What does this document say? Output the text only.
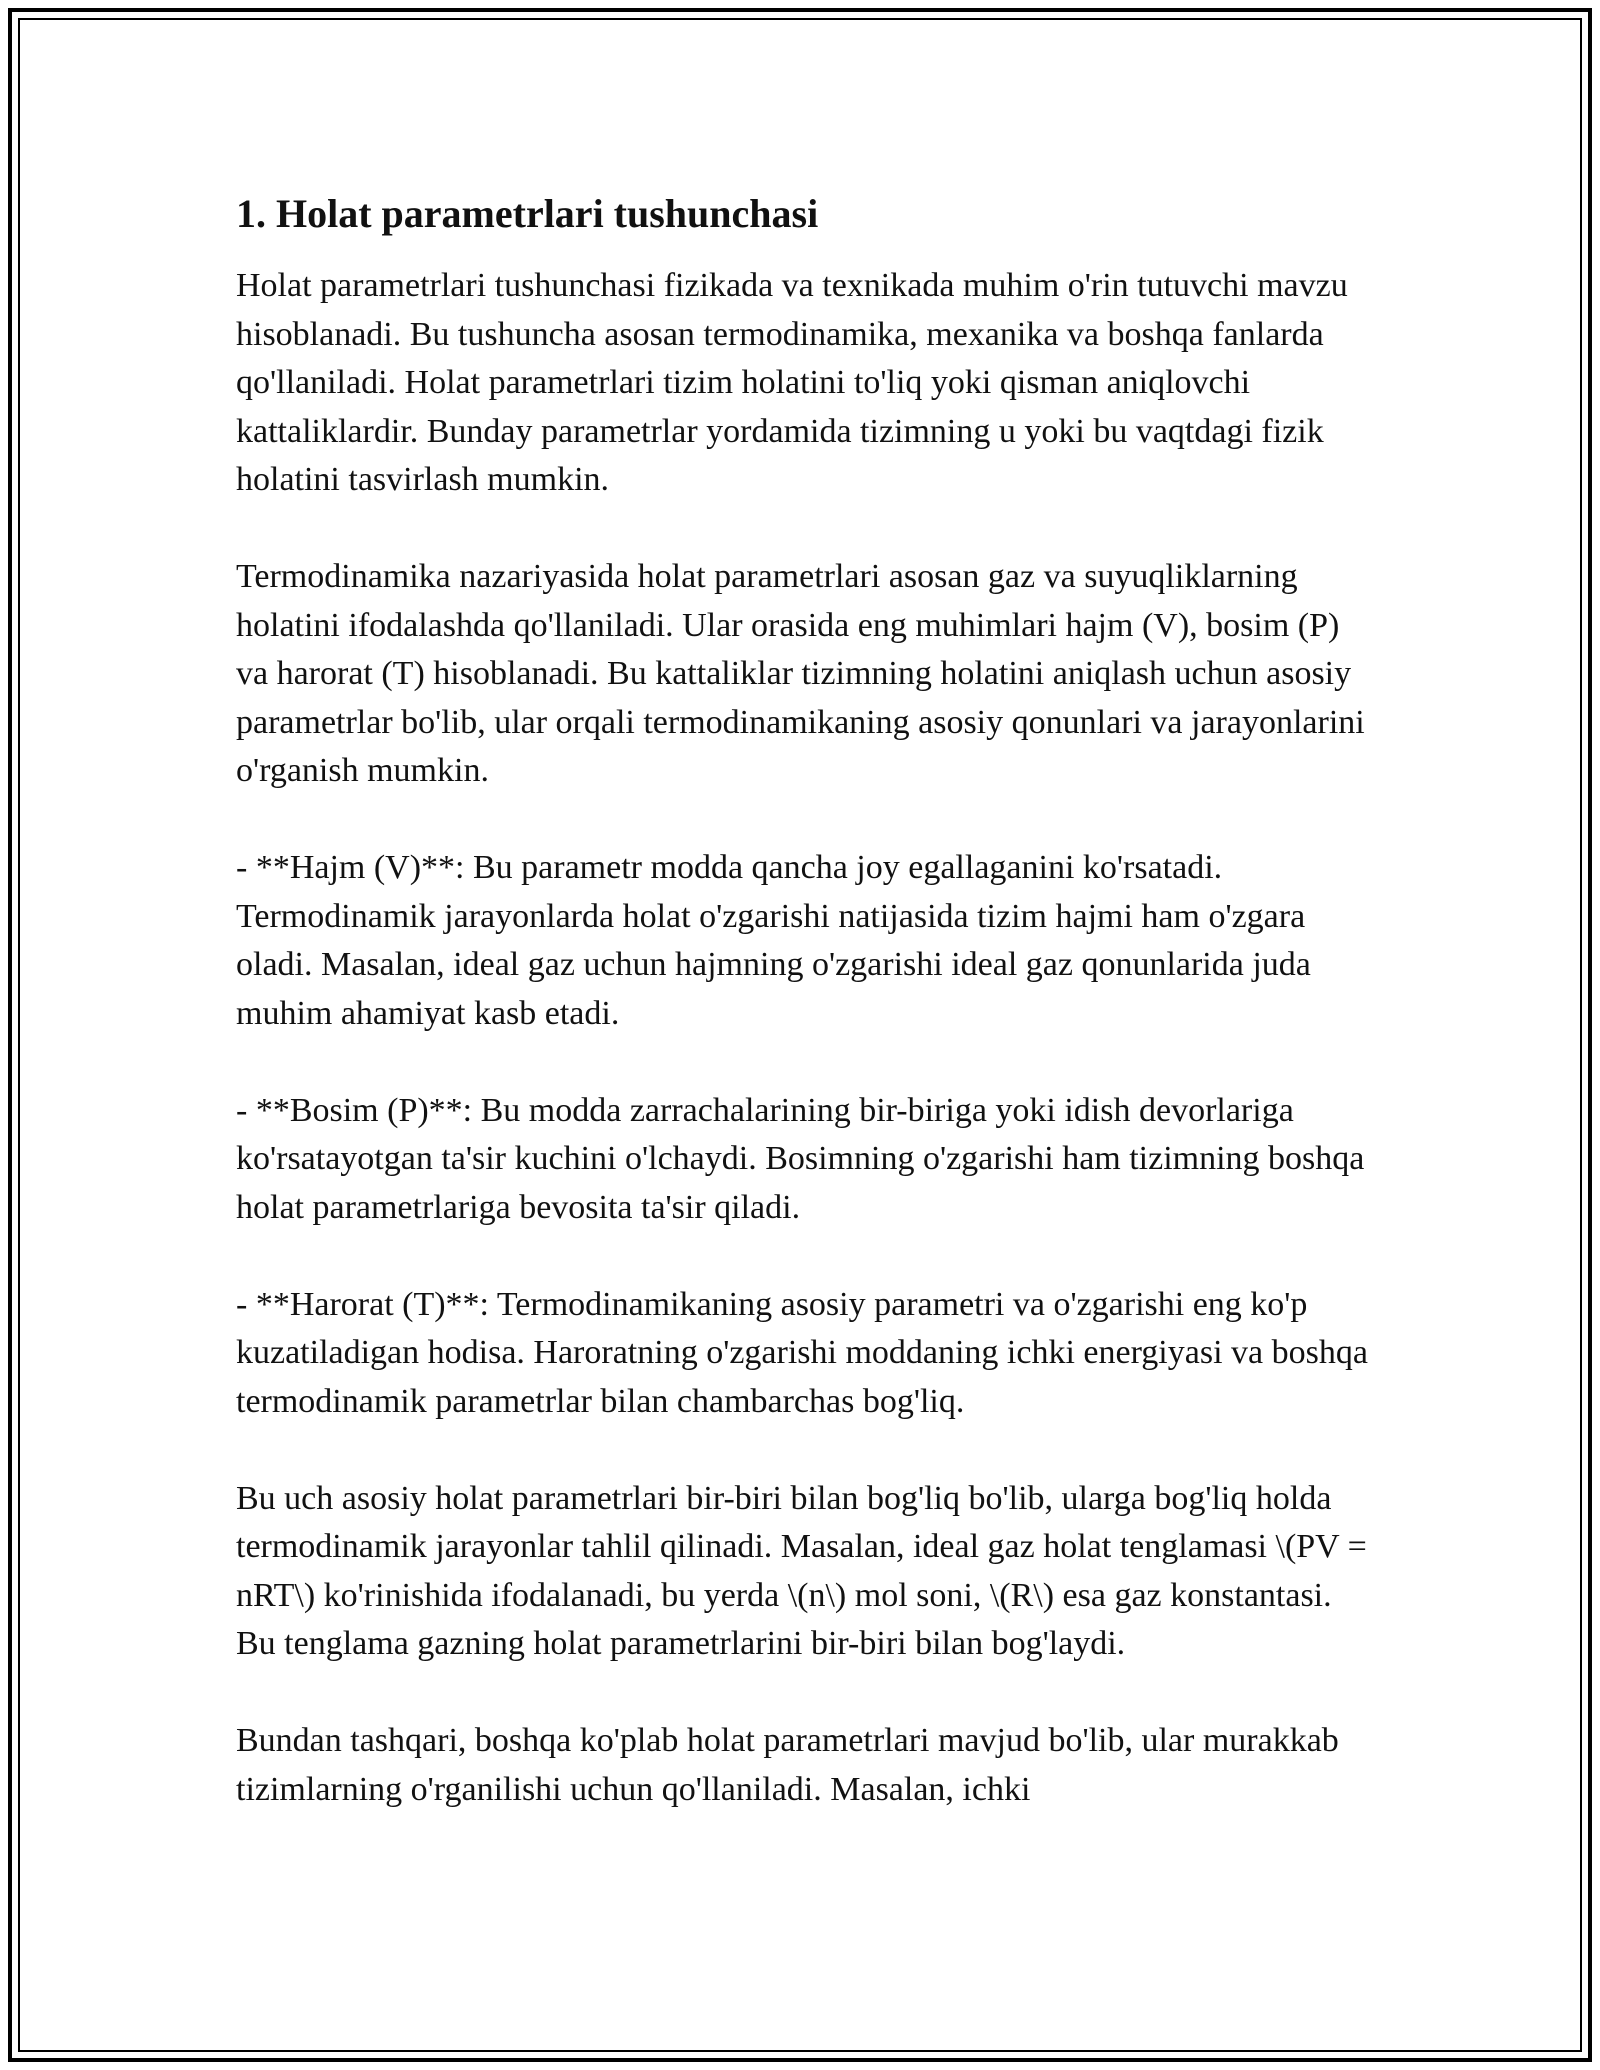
1. Holat parametrlari tushunchasi

Holat parametrlari tushunchasi fizikada va texnikada muhim o'rin tutuvchi mavzu hisoblanadi. Bu tushuncha asosan termodinamika, mexanika va boshqa fanlarda qo'llaniladi. Holat parametrlari tizim holatini to'liq yoki qisman aniqlovchi kattaliklardir. Bunday parametrlar yordamida tizimning u yoki bu vaqtdagi fizik holatini tasvirlash mumkin.

Termodinamika nazariyasida holat parametrlari asosan gaz va suyuqliklarning holatini ifodalashda qo'llaniladi. Ular orasida eng muhimlari hajm (V), bosim (P) va harorat (T) hisoblanadi. Bu kattaliklar tizimning holatini aniqlash uchun asosiy parametrlar bo'lib, ular orqali termodinamikaning asosiy qonunlari va jarayonlarini o'rganish mumkin.

- **Hajm (V)**: Bu parametr modda qancha joy egallaganini ko'rsatadi. Termodinamik jarayonlarda holat o'zgarishi natijasida tizim hajmi ham o'zgara oladi. Masalan, ideal gaz uchun hajmning o'zgarishi ideal gaz qonunlarida juda muhim ahamiyat kasb etadi.

- **Bosim (P)**: Bu modda zarrachalarining bir-biriga yoki idish devorlariga ko'rsatayotgan ta'sir kuchini o'lchaydi. Bosimning o'zgarishi ham tizimning boshqa holat parametrlariga bevosita ta'sir qiladi.

- **Harorat (T)**: Termodinamikaning asosiy parametri va o'zgarishi eng ko'p kuzatiladigan hodisa. Haroratning o'zgarishi moddaning ichki energiyasi va boshqa termodinamik parametrlar bilan chambarchas bog'liq.

Bu uch asosiy holat parametrlari bir-biri bilan bog'liq bo'lib, ularga bog'liq holda termodinamik jarayonlar tahlil qilinadi. Masalan, ideal gaz holat tenglamasi \(PV = nRT\) ko'rinishida ifodalanadi, bu yerda \(n\) mol soni, \(R\) esa gaz konstantasi. Bu tenglama gazning holat parametrlarini bir-biri bilan bog'laydi.

Bundan tashqari, boshqa ko'plab holat parametrlari mavjud bo'lib, ular murakkab tizimlarning o'rganilishi uchun qo'llaniladi. Masalan, ichki
